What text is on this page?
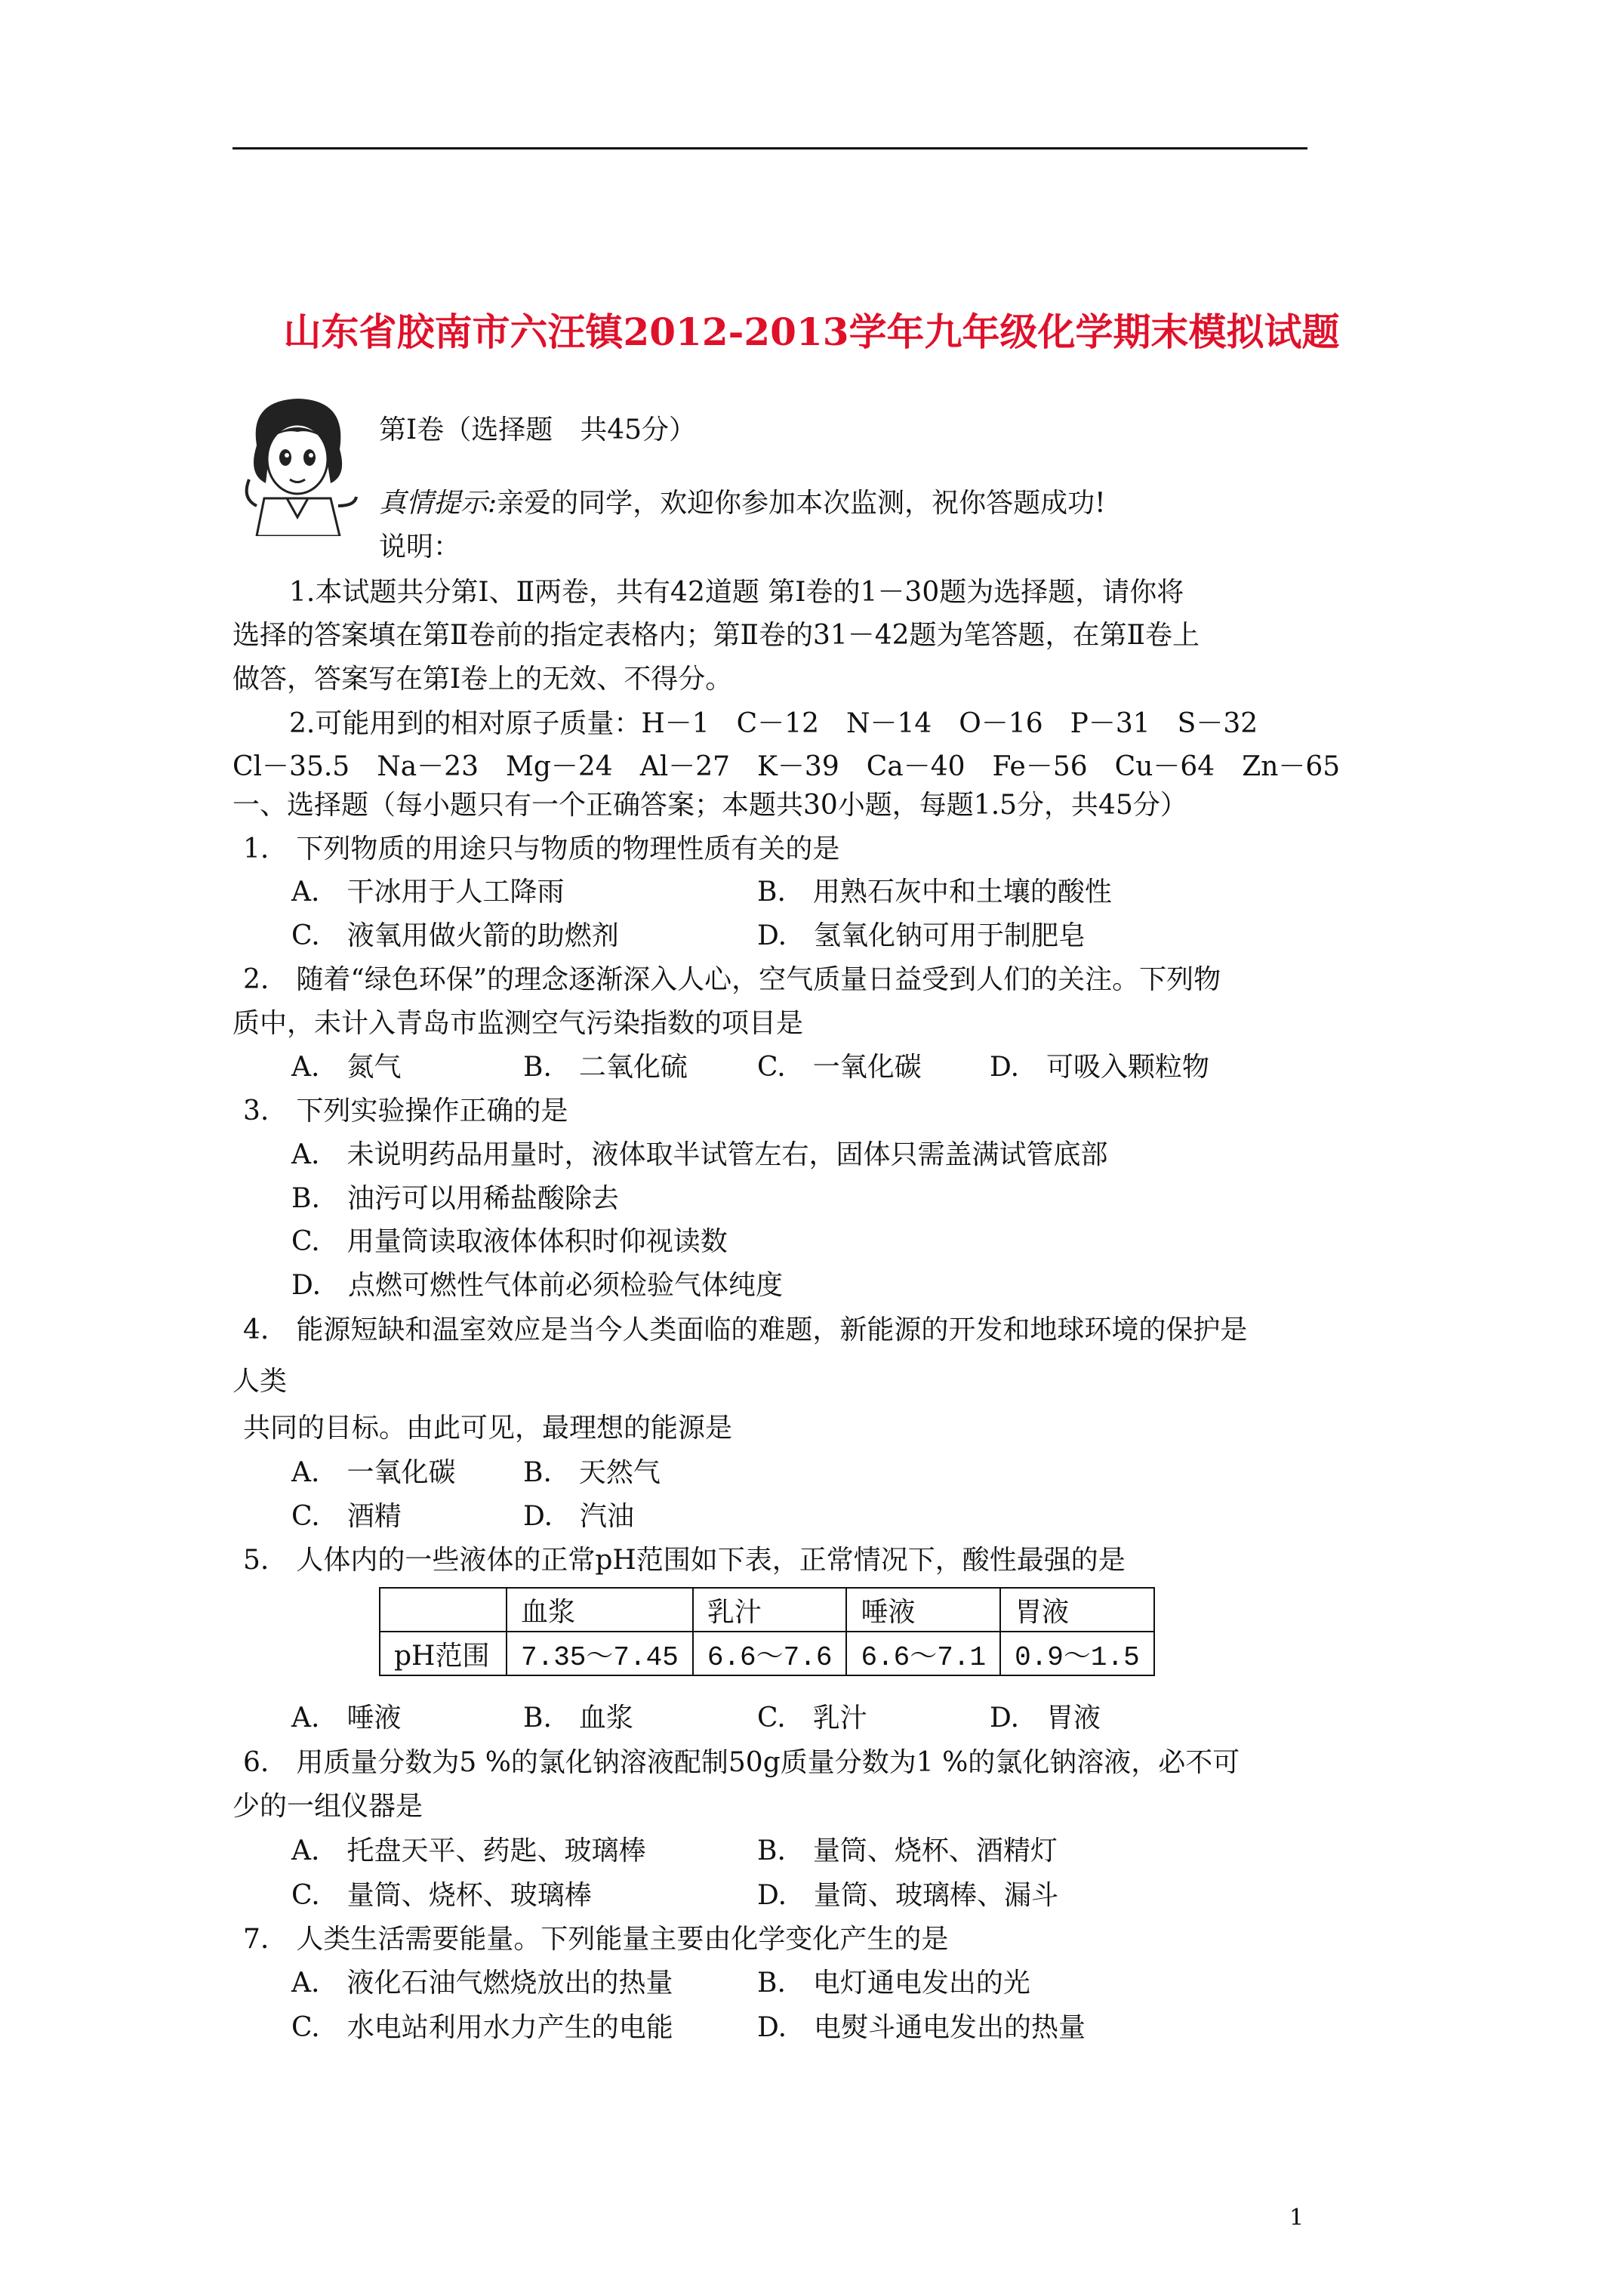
山东省胶南市六汪镇2012-2013学年九年级化学期末模拟试题
第Ⅰ卷（选择题　共45分）
真情提示:亲爱的同学，欢迎你参加本次监测，祝你答题成功!
说明：
1.本试题共分第Ⅰ、Ⅱ两卷，共有42道题 第Ⅰ卷的1－30题为选择题，请你将
选择的答案填在第Ⅱ卷前的指定表格内；第Ⅱ卷的31－42题为笔答题，在第Ⅱ卷上
做答，答案写在第Ⅰ卷上的无效、不得分。
2.可能用到的相对原子质量：H－1　C－12　N－14　O－16　P－31　S－32
Cl－35.5　Na－23　Mg－24　Al－27　K－39　Ca－40　Fe－56　Cu－64　Zn－65
一、选择题（每小题只有一个正确答案；本题共30小题，每题1.5分，共45分）
1.　下列物质的用途只与物质的物理性质有关的是
A.　干冰用于人工降雨	B.　用熟石灰中和土壤的酸性
C.　液氧用做火箭的助燃剂	D.　氢氧化钠可用于制肥皂
2.　随着“绿色环保”的理念逐渐深入人心，空气质量日益受到人们的关注。下列物
质中，未计入青岛市监测空气污染指数的项目是
A.　氮气	B.　二氧化硫	C.　一氧化碳	D.　可吸入颗粒物
3.　下列实验操作正确的是
A.　未说明药品用量时，液体取半试管左右，固体只需盖满试管底部
B.　油污可以用稀盐酸除去
C.　用量筒读取液体体积时仰视读数
D.　点燃可燃性气体前必须检验气体纯度
4.　能源短缺和温室效应是当今人类面临的难题，新能源的开发和地球环境的保护是
人类
共同的目标。由此可见，最理想的能源是
A.　一氧化碳 B.　天然气
C.　酒精	D.　汽油
5.　人体内的一些液体的正常pH范围如下表，正常情况下，酸性最强的是
	血浆	乳汁	唾液	胃液
pH范围	7.35～7.45	6.6～7.6	6.6～7.1	0.9～1.5
A.　唾液	B.　血浆	C.　乳汁	D.　胃液
6.　用质量分数为5 %的氯化钠溶液配制50g质量分数为1 %的氯化钠溶液，必不可
少的一组仪器是
A.　托盘天平、药匙、玻璃棒	B.　量筒、烧杯、酒精灯
C.　量筒、烧杯、玻璃棒	D.　量筒、玻璃棒、漏斗
7.　人类生活需要能量。下列能量主要由化学变化产生的是
A.　液化石油气燃烧放出的热量	B.　电灯通电发出的光
C.　水电站利用水力产生的电能	D.　电熨斗通电发出的热量
1
